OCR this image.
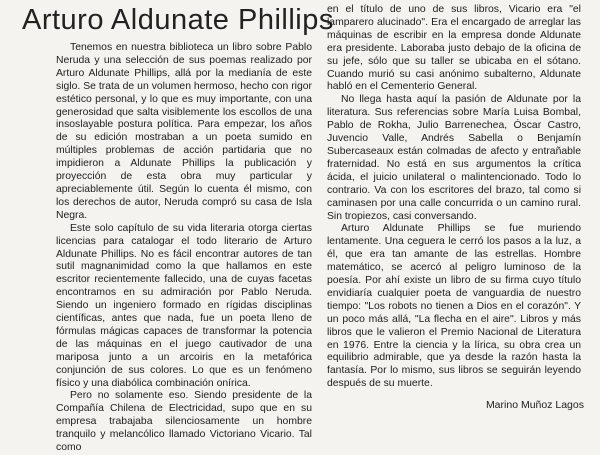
Arturo Aldunate Phillips

Tenemos en nuestra biblioteca un libro sobre Pablo Neruda y una selección de sus poemas realizado por Arturo Aldunate Phillips, allá por la medianía de este siglo. Se trata de un volumen hermoso, hecho con rigor estético personal, y lo que es muy importante, con una generosidad que salta visiblemente los escollos de una insoslayable postura política. Para empezar, los años de su edición mostraban a un poeta sumido en múltiples problemas de acción partidaria que no impidieron a Aldunate Phillips la publicación y proyección de esta obra muy particular y apreciablemente útil. Según lo cuenta él mismo, con los derechos de autor, Neruda compró su casa de Isla Negra.

Este solo capítulo de su vida literaria otorga ciertas licencias para catalogar el todo literario de Arturo Aldunate Phillips. No es fácil encontrar autores de tan sutil magnanimidad como la que hallamos en este escritor recientemente fallecido, una de cuyas facetas encontramos en su admiración por Pablo Neruda. Siendo un ingeniero formado en rígidas disciplinas científicas, antes que nada, fue un poeta lleno de fórmulas mágicas capaces de transformar la potencia de las máquinas en el juego cautivador de una mariposa junto a un arcoiris en la metafórica conjunción de sus colores. Lo que es un fenómeno físico y una diabólica combinación onírica.

Pero no solamente eso. Siendo presidente de la Compañía Chilena de Electricidad, supo que en su empresa trabajaba silenciosamente un hombre tranquilo y melancólico llamado Victoriano Vicario. Tal como

en el título de uno de sus libros, Vicario era "el lamparero alucinado". Era el encargado de arreglar las máquinas de escribir en la empresa donde Aldunate era presidente. Laboraba justo debajo de la oficina de su jefe, sólo que su taller se ubicaba en el sótano. Cuando murió su casi anónimo subalterno, Aldunate habló en el Cementerio General.

No llega hasta aquí la pasión de Aldunate por la literatura. Sus referencias sobre María Luisa Bombal, Pablo de Rokha, Julio Barrenechea, Óscar Castro, Juvencio Valle, Andrés Sabella o Benjamín Subercaseaux están colmadas de afecto y entrañable fraternidad. No está en sus argumentos la crítica ácida, el juicio unilateral o malintencionado. Todo lo contrario. Va con los escritores del brazo, tal como si caminasen por una calle concurrida o un camino rural. Sin tropiezos, casi conversando.

Arturo Aldunate Phillips se fue muriendo lentamente. Una ceguera le cerró los pasos a la luz, a él, que era tan amante de las estrellas. Hombre matemático, se acercó al peligro luminoso de la poesía. Por ahí existe un libro de su firma cuyo título envidiaría cualquier poeta de vanguardia de nuestro tiempo: "Los robots no tienen a Dios en el corazón". Y un poco más allá, "La flecha en el aire". Libros y más libros que le valieron el Premio Nacional de Literatura en 1976. Entre la ciencia y la lírica, su obra crea un equilibrio admirable, que ya desde la razón hasta la fantasía. Por lo mismo, sus libros se seguirán leyendo después de su muerte.

Marino Muñoz Lagos
